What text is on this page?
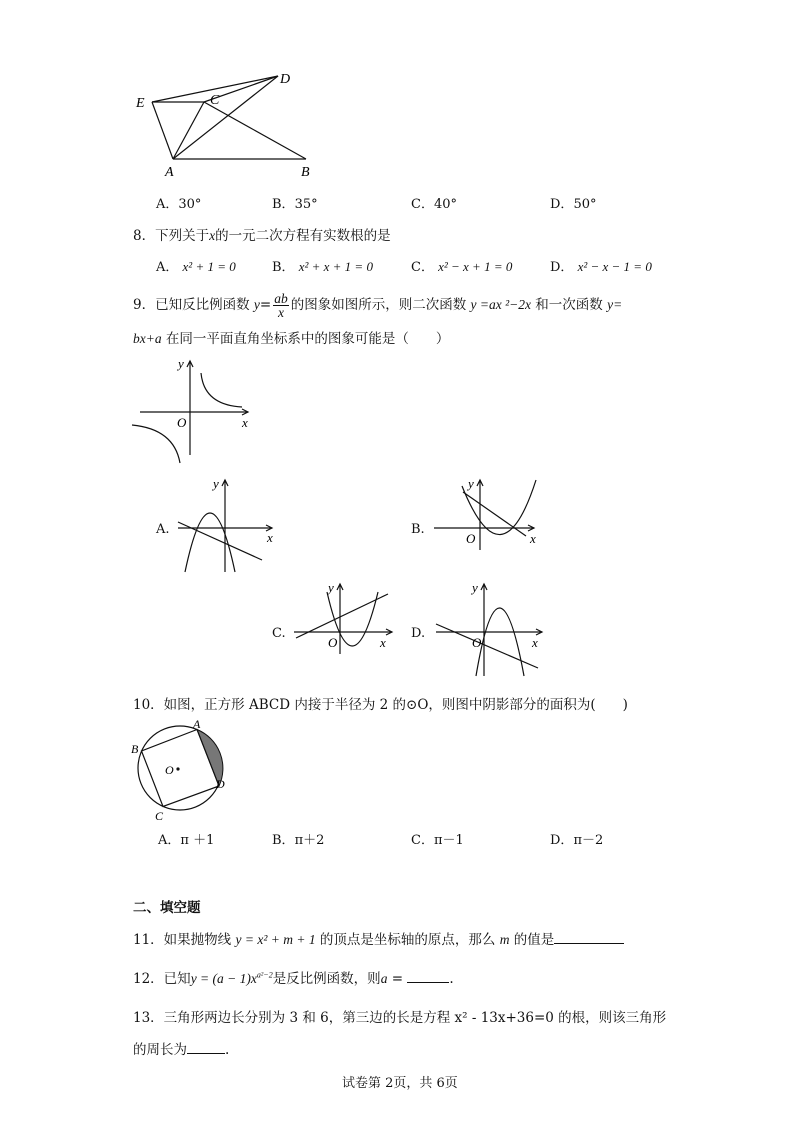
E	C
D
A	B
A．30°	B．35°	C．40°	D．50°
8．下列关于x的一元二次方程有实数根的是
A． x² + 1 = 0	B． x² + x + 1 = 0	C． x² − x + 1 = 0	D． x² − x − 1 = 0
9．已知反比例函数 $y= \frac{ab}{x}$ 的图象如图所示，则二次函数 y =ax ²−2x 和一次函数 y=
bx+a 在同一平面直角坐标系中的图象可能是（　　）
y
x
O
A.
y
x
B.
y
x
O
C.
y
x
O
D.
y
x
O
10．如图，正方形 ABCD 内接于半径为 2 的⊙O，则图中阴影部分的面积为(　　)
A
B
C
D
O
A．π ＋1	B．π＋2	C．π－1	D．π－2
二、填空题
11．如果抛物线 y = x² + m + 1 的顶点是坐标轴的原点，那么 m 的值是
12．已知$y = (a - 1)x^{a^2-2}$是反比例函数，则a =	.
13．三角形两边长分别为 3 和 6，第三边的长是方程 x² - 13x+36=0 的根，则该三角形
的周长为	.
试卷第 2页，共 6页
